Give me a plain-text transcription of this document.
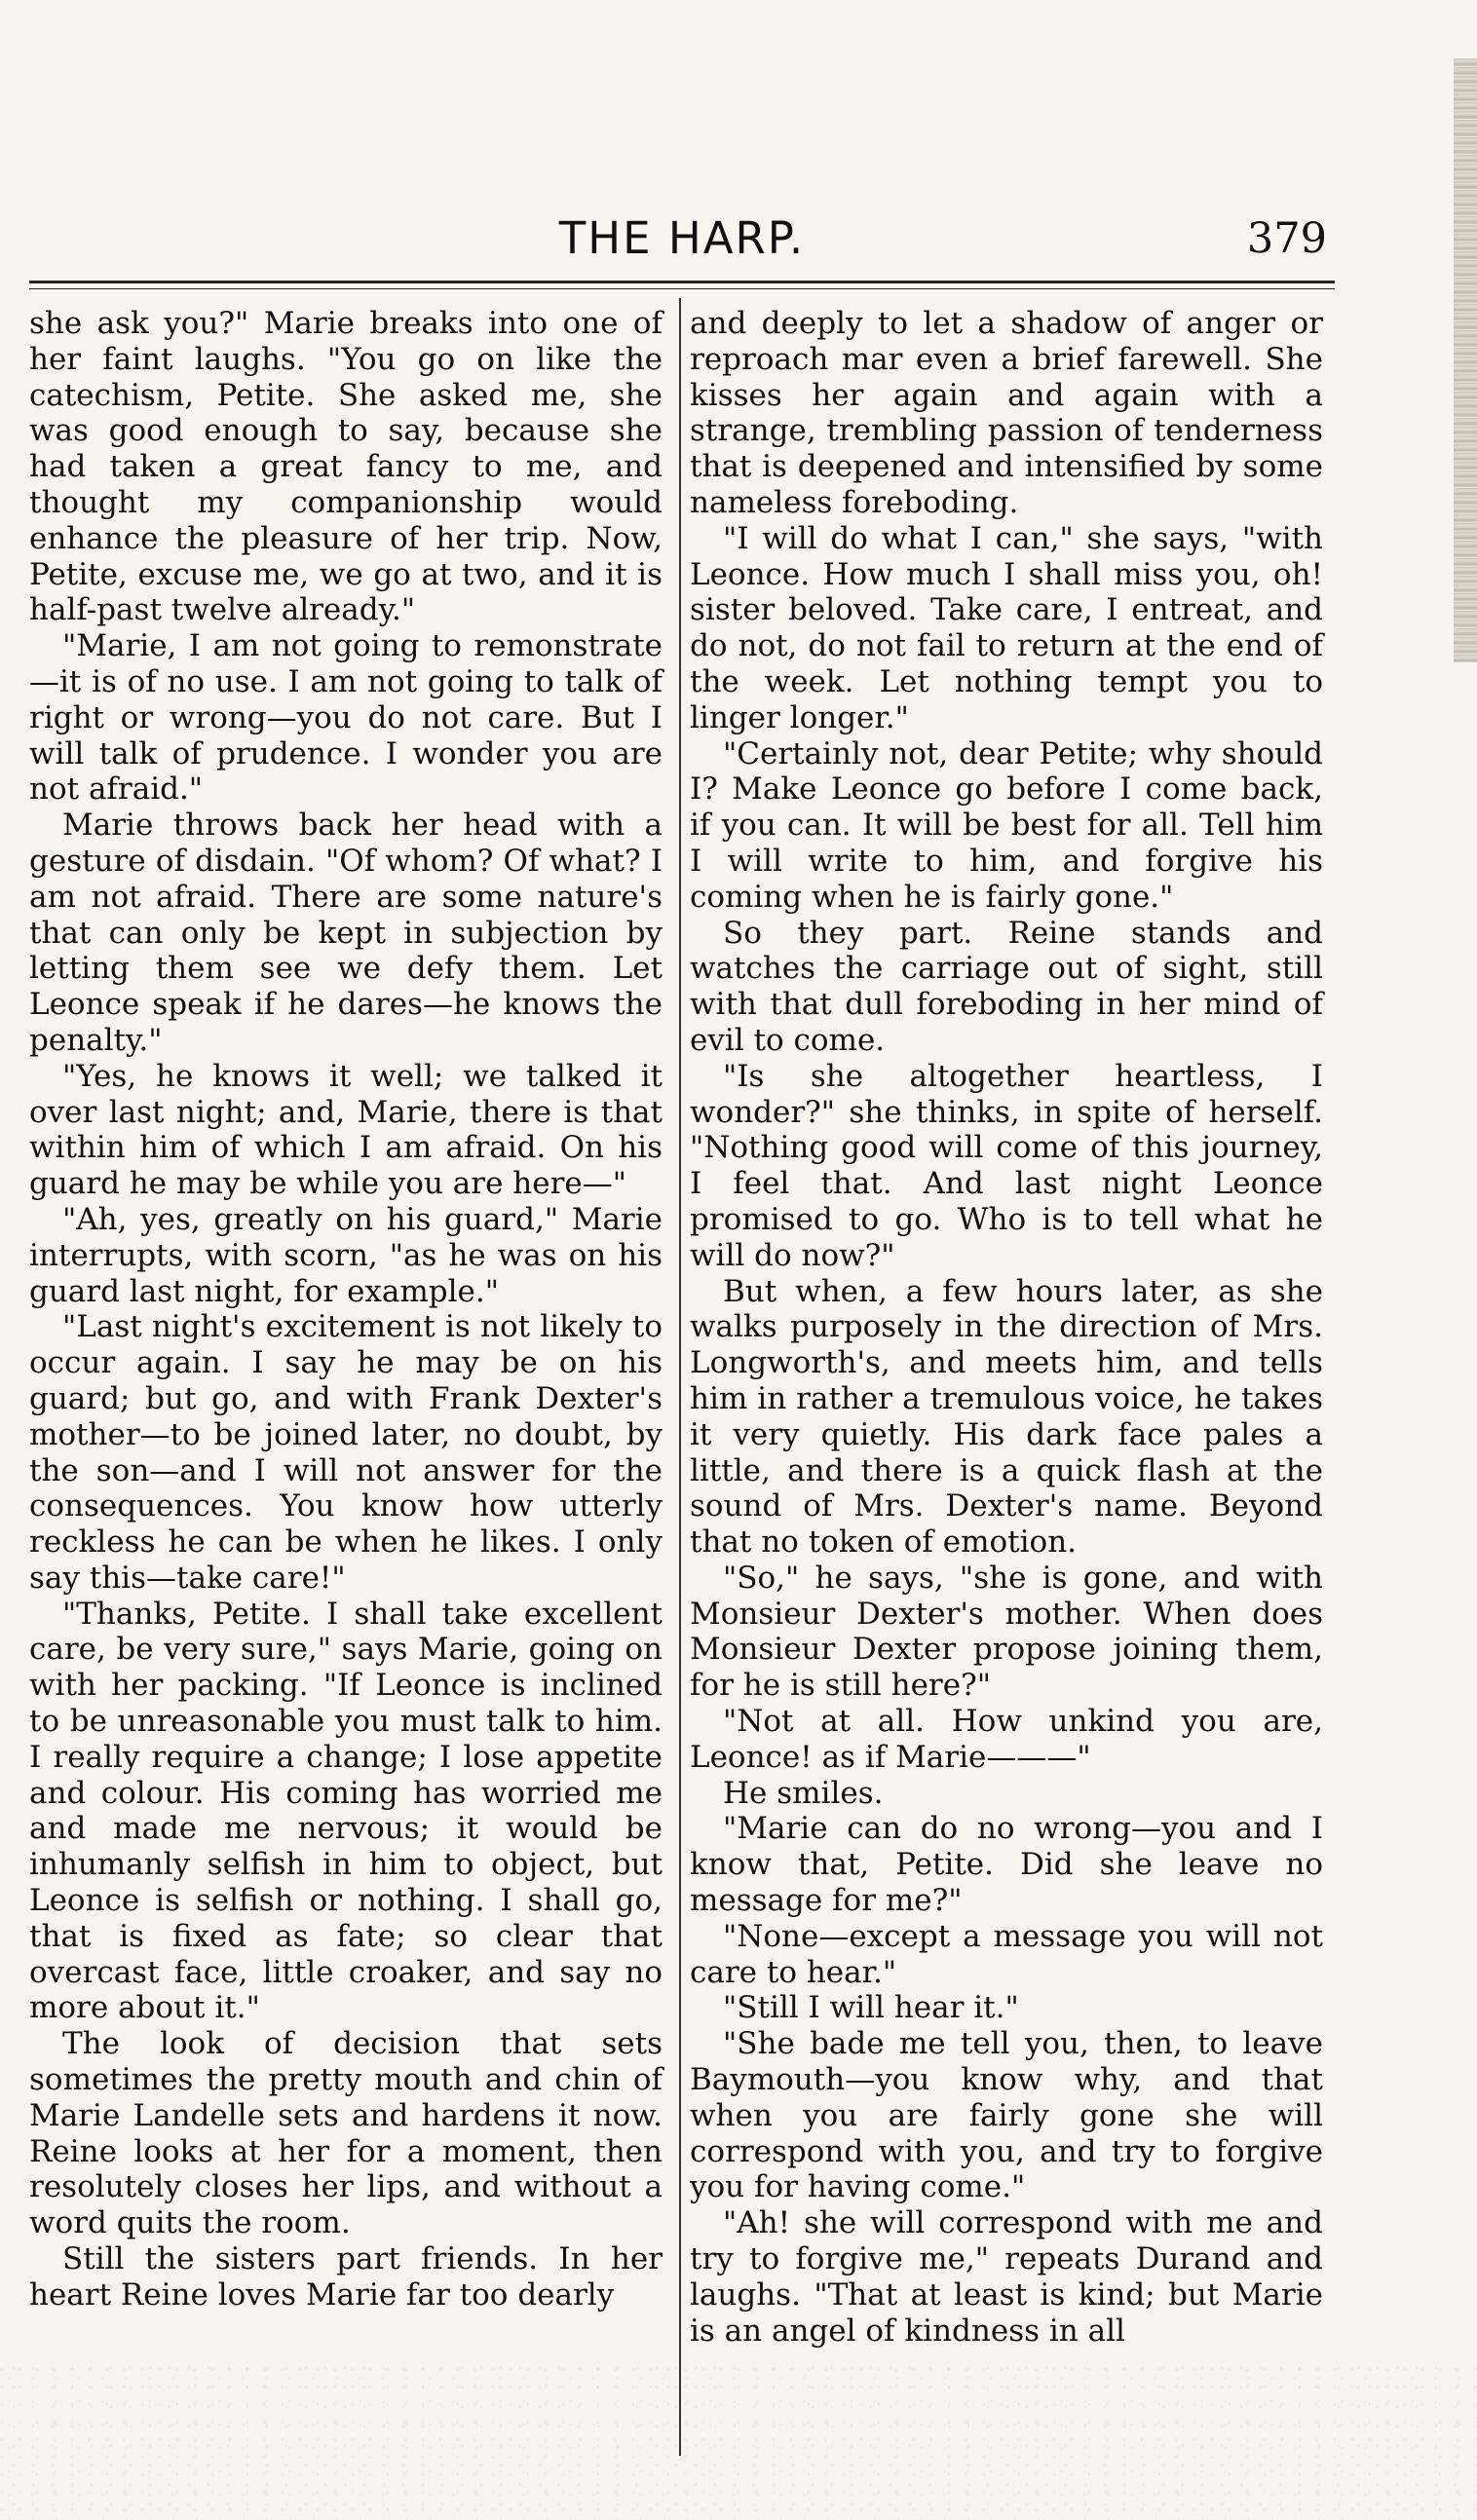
THE HARP.	379

she ask you?" Marie breaks into one of her faint laughs. "You go on like the catechism, Petite. She asked me, she was good enough to say, because she had taken a great fancy to me, and thought my companionship would enhance the pleasure of her trip. Now, Petite, excuse me, we go at two, and it is half-past twelve already."

"Marie, I am not going to remonstrate—it is of no use. I am not going to talk of right or wrong—you do not care. But I will talk of prudence. I wonder you are not afraid."

Marie throws back her head with a gesture of disdain. "Of whom? Of what? I am not afraid. There are some nature's that can only be kept in subjection by letting them see we defy them. Let Leonce speak if he dares—he knows the penalty."

"Yes, he knows it well; we talked it over last night; and, Marie, there is that within him of which I am afraid. On his guard he may be while you are here—"

"Ah, yes, greatly on his guard," Marie interrupts, with scorn, "as he was on his guard last night, for example."

"Last night's excitement is not likely to occur again. I say he may be on his guard; but go, and with Frank Dexter's mother—to be joined later, no doubt, by the son—and I will not answer for the consequences. You know how utterly reckless he can be when he likes. I only say this—take care!"

"Thanks, Petite. I shall take excellent care, be very sure," says Marie, going on with her packing. "If Leonce is inclined to be unreasonable you must talk to him. I really require a change; I lose appetite and colour. His coming has worried me and made me nervous; it would be inhumanly selfish in him to object, but Leonce is selfish or nothing. I shall go, that is fixed as fate; so clear that overcast face, little croaker, and say no more about it."

The look of decision that sets sometimes the pretty mouth and chin of Marie Landelle sets and hardens it now. Reine looks at her for a moment, then resolutely closes her lips, and without a word quits the room.

Still the sisters part friends. In her heart Reine loves Marie far too dearly

and deeply to let a shadow of anger or reproach mar even a brief farewell. She kisses her again and again with a strange, trembling passion of tenderness that is deepened and intensified by some nameless foreboding.

"I will do what I can," she says, "with Leonce. How much I shall miss you, oh! sister beloved. Take care, I entreat, and do not, do not fail to return at the end of the week. Let nothing tempt you to linger longer."

"Certainly not, dear Petite; why should I? Make Leonce go before I come back, if you can. It will be best for all. Tell him I will write to him, and forgive his coming when he is fairly gone."

So they part. Reine stands and watches the carriage out of sight, still with that dull foreboding in her mind of evil to come.

"Is she altogether heartless, I wonder?" she thinks, in spite of herself. "Nothing good will come of this journey, I feel that. And last night Leonce promised to go. Who is to tell what he will do now?"

But when, a few hours later, as she walks purposely in the direction of Mrs. Longworth's, and meets him, and tells him in rather a tremulous voice, he takes it very quietly. His dark face pales a little, and there is a quick flash at the sound of Mrs. Dexter's name. Beyond that no token of emotion.

"So," he says, "she is gone, and with Monsieur Dexter's mother. When does Monsieur Dexter propose joining them, for he is still here?"

"Not at all. How unkind you are, Leonce! as if Marie———"

He smiles.

"Marie can do no wrong—you and I know that, Petite. Did she leave no message for me?"

"None—except a message you will not care to hear."

"Still I will hear it."

"She bade me tell you, then, to leave Baymouth—you know why, and that when you are fairly gone she will correspond with you, and try to forgive you for having come."

"Ah! she will correspond with me and try to forgive me," repeats Durand and laughs. "That at least is kind; but Marie is an angel of kindness in all
